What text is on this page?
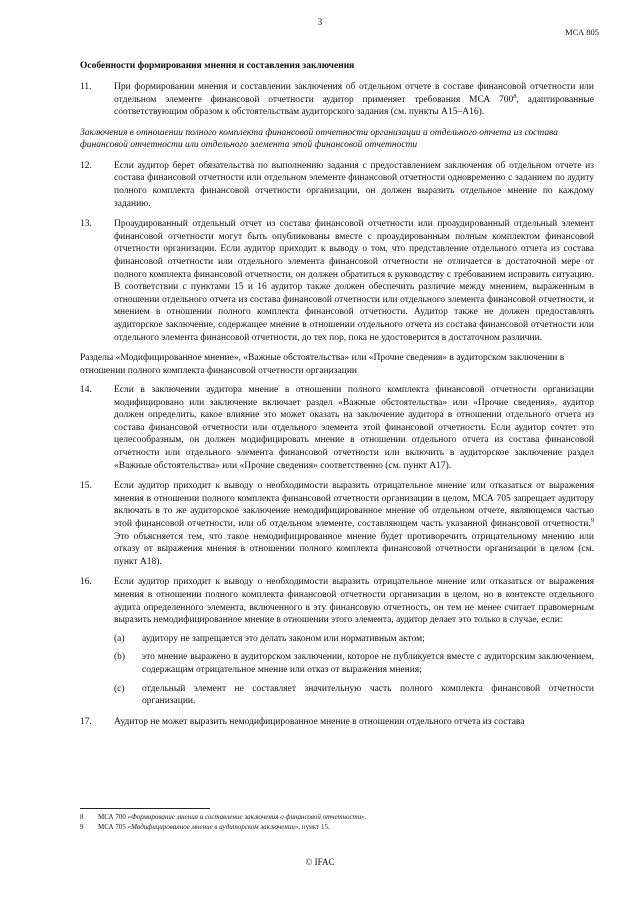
3
МСА 805
Особенности формирования мнения и составления заключения
11.	При формировании мнения и составлении заключения об отдельном отчете в составе финансовой отчетности или отдельном элементе финансовой отчетности аудитор применяет требования МСА $700^8$, адаптированные соответствующим образом к обстоятельствам аудиторского задания (см. пункты A15–A16).
Заключения в отношении полного комплекта финансовой отчетности организации и отдельного отчета из состава финансовой отчетности или отдельного элемента этой финансовой отчетности
12.	Если аудитор берет обязательства по выполнению задания с предоставлением заключения об отдельном отчете из состава финансовой отчетности или отдельном элементе финансовой отчетности одновременно с заданием по аудиту полного комплекта финансовой отчетности организации, он должен выразить отдельное мнение по каждому заданию.
13.	Проаудированный отдельный отчет из состава финансовой отчетности или проаудированный отдельный элемент финансовой отчетности могут быть опубликованы вместе с проаудированным полным комплектом финансовой отчетности организации. Если аудитор приходит к выводу о том, что представление отдельного отчета из состава финансовой отчетности или отдельного элемента финансовой отчетности не отличается в достаточной мере от полного комплекта финансовой отчетности, он должен обратиться к руководству с требованием исправить ситуацию. В соответствии с пунктами 15 и 16 аудитор также должен обеспечить различие между мнением, выраженным в отношении отдельного отчета из состава финансовой отчетности или отдельного элемента финансовой отчетности, и мнением в отношении полного комплекта финансовой отчетности. Аудитор также не должен предоставлять аудиторское заключение, содержащее мнение в отношении отдельного отчета из состава финансовой отчетности или отдельного элемента финансовой отчетности, до тех пор, пока не удостоверится в достаточном различии.
Разделы «Модифицированное мнение», «Важные обстоятельства» или «Прочие сведения» в аудиторском заключении в отношении полного комплекта финансовой отчетности организации
14.	Если в заключении аудитора мнение в отношении полного комплекта финансовой отчетности организации модифицировано или заключение включает раздел «Важные обстоятельства» или «Прочие сведения», аудитор должен определить, какое влияние это может оказать на заключение аудитора в отношении отдельного отчета из состава финансовой отчетности или отдельного элемента этой финансовой отчетности. Если аудитор сочтет это целесообразным, он должен модифицировать мнение в отношении отдельного отчета из состава финансовой отчетности или отдельного элемента финансовой отчетности или включить в аудиторское заключение раздел «Важные обстоятельства» или «Прочие сведения» соответственно (см. пункт A17).
15.	Если аудитор приходит к выводу о необходимости выразить отрицательное мнение или отказаться от выражения мнения в отношении полного комплекта финансовой отчетности организации в целом, МСА 705 запрещает аудитору включать в то же аудиторское заключение немодифицированное мнение об отдельном отчете, являющемся частью этой финансовой отчетности, или об отдельном элементе, составляющем часть указанной финансовой отчетности.$^9$ Это объясняется тем, что такое немодифицированное мнение будет противоречить отрицательному мнению или отказу от выражения мнения в отношении полного комплекта финансовой отчетности организации в целом (см. пункт A18).
16.	Если аудитор приходит к выводу о необходимости выразить отрицательное мнение или отказаться от выражения мнения в отношении полного комплекта финансовой отчетности организации в целом, но в контексте отдельного аудита определенного элемента, включенного в эту финансовую отчетность, он тем не менее считает правомерным выразить немодифицированное мнение в отношении этого элемента, аудитор делает это только в случае, если:
(a)	аудитору не запрещается это делать законом или нормативным актом;
(b)	это мнение выражено в аудиторском заключении, которое не публикуется вместе с аудиторским заключением, содержащим отрицательное мнение или отказ от выражения мнения;
(c)	отдельный элемент не составляет значительную часть полного комплекта финансовой отчетности организации.
17.	Аудитор не может выразить немодифицированное мнение в отношении отдельного отчета из состава
8	МСА 700 «Формирование мнения и составление заключения о финансовой отчетности».
9	МСА 705 «Модифицированное мнение в аудиторском заключении», пункт 15.
© IFAC
